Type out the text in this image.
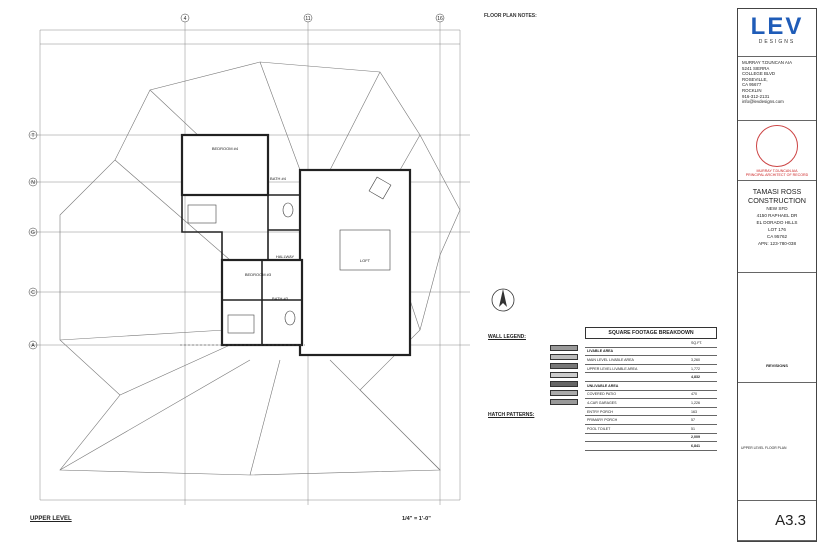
BEDROOM #4
BATH #4
LOFT
BEDROOM #3
HALLWAY
BATH #3
4	11	16
T
N
G
C
A
UPPER LEVEL	1/4" = 1'-0"
FLOOR PLAN NOTES:
WALL LEGEND:
HATCH PATTERNS:
SQUARE FOOTAGE BREAKDOWN
SQ.FT.
LIVABLE AREA
MAIN LEVEL LIVABLE AREA	3,260
UPPER LEVEL LIVABLE AREA	1,772
4,832
UNLIVABLE AREA
COVERED PATIO	470
4-CAR GARAGES	1,226
ENTRY PORCH	163
PRIMARY PORCH	57
POOL TOILET	51
2,009
6,841
LEV
DESIGNS
MURRAY T.DUNCAN AIA
5241 SIERRA
COLLEGE BLVD
ROSEVILLE,
CA 95677
ROCKLIN
916-312-2131
info@levdesigns.com
MURRAY T.DUNCAN AIA
PRINCIPAL ARCHITECT OF RECORD
TAMASI ROSS
CONSTRUCTION
NEW SFD
4150 RAPHAEL DR
EL DORADO HILLS
LOT 176
CA 95762
APN: 123-780-038
REVISIONS
UPPER LEVEL FLOOR PLAN
A3.3
